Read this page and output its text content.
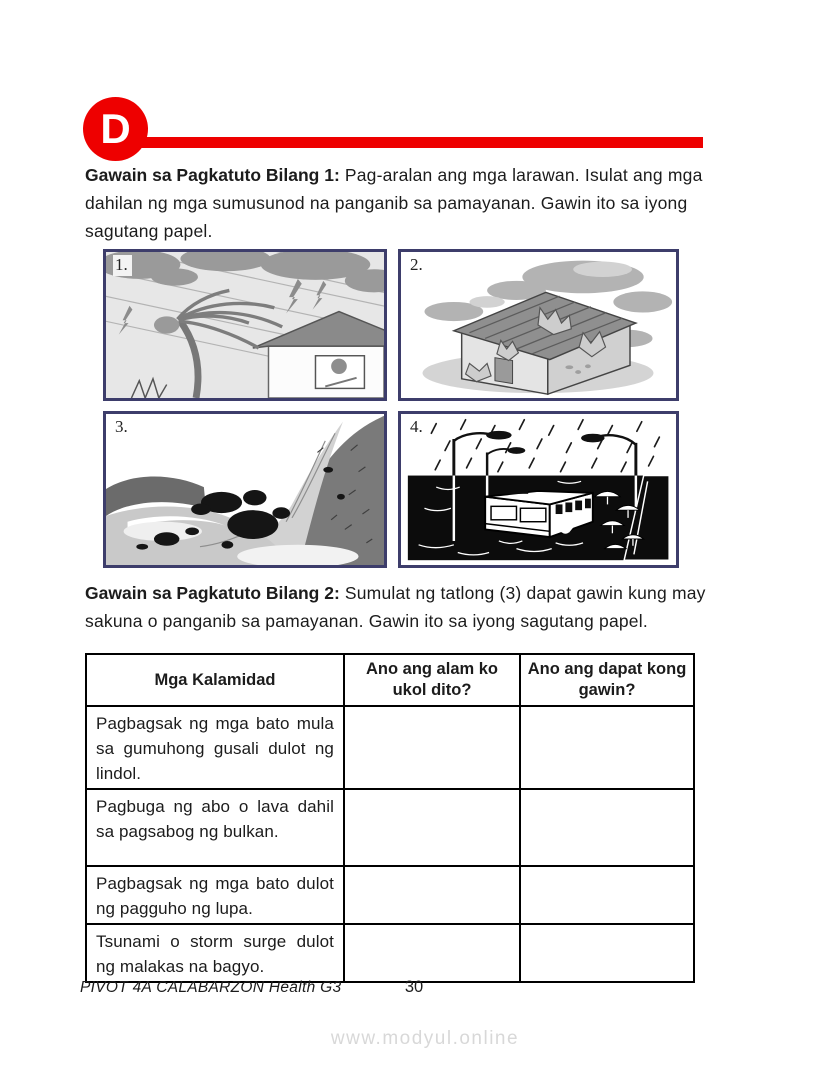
D

Gawain sa Pagkatuto Bilang 1: Pag-aralan ang mga larawan. Isulat ang mga dahilan ng mga sumusunod na panganib sa pamayanan. Gawin ito sa iyong sagutang papel.

1.	2.
3.	4.

Gawain sa Pagkatuto Bilang 2: Sumulat ng tatlong (3) dapat gawin kung may sakuna o panganib sa pamayanan. Gawin ito sa iyong sagutang papel.

Mga Kalamidad	Ano ang alam ko ukol dito?	Ano ang dapat kong gawin?
Pagbagsak ng mga bato mula sa gumuhong gusali dulot ng lindol.		
Pagbuga ng abo o lava dahil sa pagsabog ng bulkan.		
Pagbagsak ng mga bato dulot ng pagguho ng lupa.		
Tsunami o storm surge dulot ng malakas na bagyo.		
PIVOT 4A CALABARZON Health G3	30
www.modyul.online
